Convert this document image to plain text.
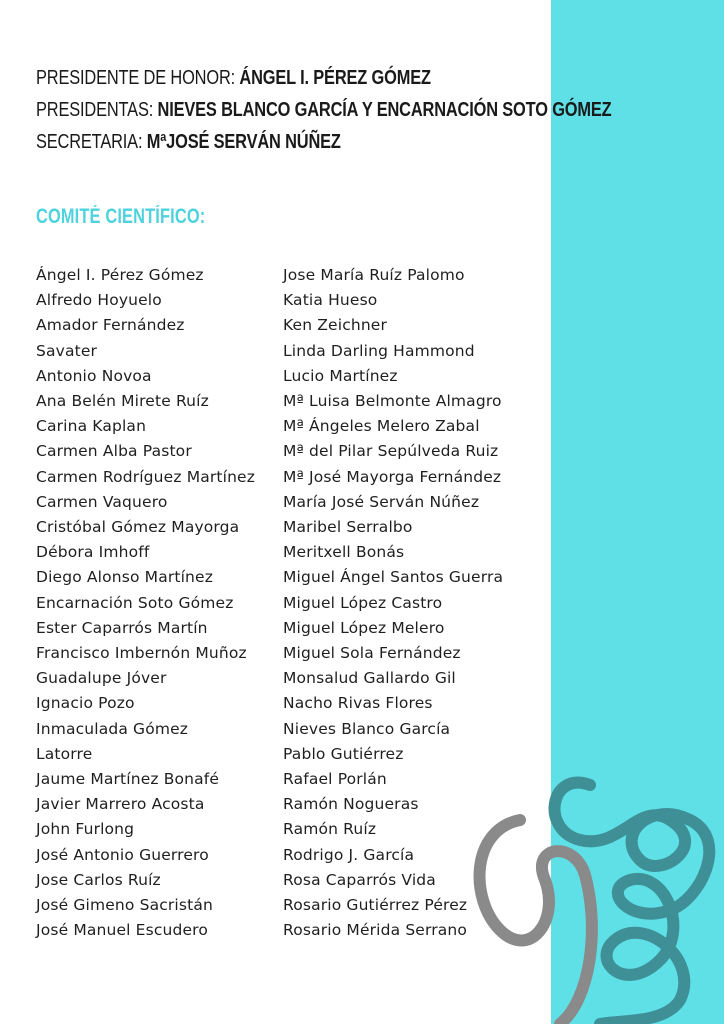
PRESIDENTE DE HONOR: ÁNGEL I. PÉREZ GÓMEZ
PRESIDENTAS: NIEVES BLANCO GARCÍA Y ENCARNACIÓN SOTO GÓMEZ
SECRETARIA: MªJOSÉ SERVÁN NÚÑEZ
COMITÉ CIENTÍFICO:
Ángel I. Pérez Gómez
Alfredo Hoyuelo
Amador Fernández
Savater
Antonio Novoa
Ana Belén Mirete Ruíz
Carina Kaplan
Carmen Alba Pastor
Carmen Rodríguez Martínez
Carmen Vaquero
Cristóbal Gómez Mayorga
Débora Imhoff
Diego Alonso Martínez
Encarnación Soto Gómez
Ester Caparrós Martín
Francisco Imbernón Muñoz
Guadalupe Jóver
Ignacio Pozo
Inmaculada Gómez
Latorre
Jaume Martínez Bonafé
Javier Marrero Acosta
John Furlong
José Antonio Guerrero
Jose Carlos Ruíz
José Gimeno Sacristán
José Manuel Escudero
Jose María Ruíz Palomo
Katia Hueso
Ken Zeichner
Linda Darling Hammond
Lucio Martínez
Mª Luisa Belmonte Almagro
Mª Ángeles Melero Zabal
Mª del Pilar Sepúlveda Ruiz
Mª José Mayorga Fernández
María José Serván Núñez
Maribel Serralbo
Meritxell Bonás
Miguel Ángel Santos Guerra
Miguel López Castro
Miguel López Melero
Miguel Sola Fernández
Monsalud Gallardo Gil
Nacho Rivas Flores
Nieves Blanco García
Pablo Gutiérrez
Rafael Porlán
Ramón Nogueras
Ramón Ruíz
Rodrigo J. García
Rosa Caparrós Vida
Rosario Gutiérrez Pérez
Rosario Mérida Serrano
